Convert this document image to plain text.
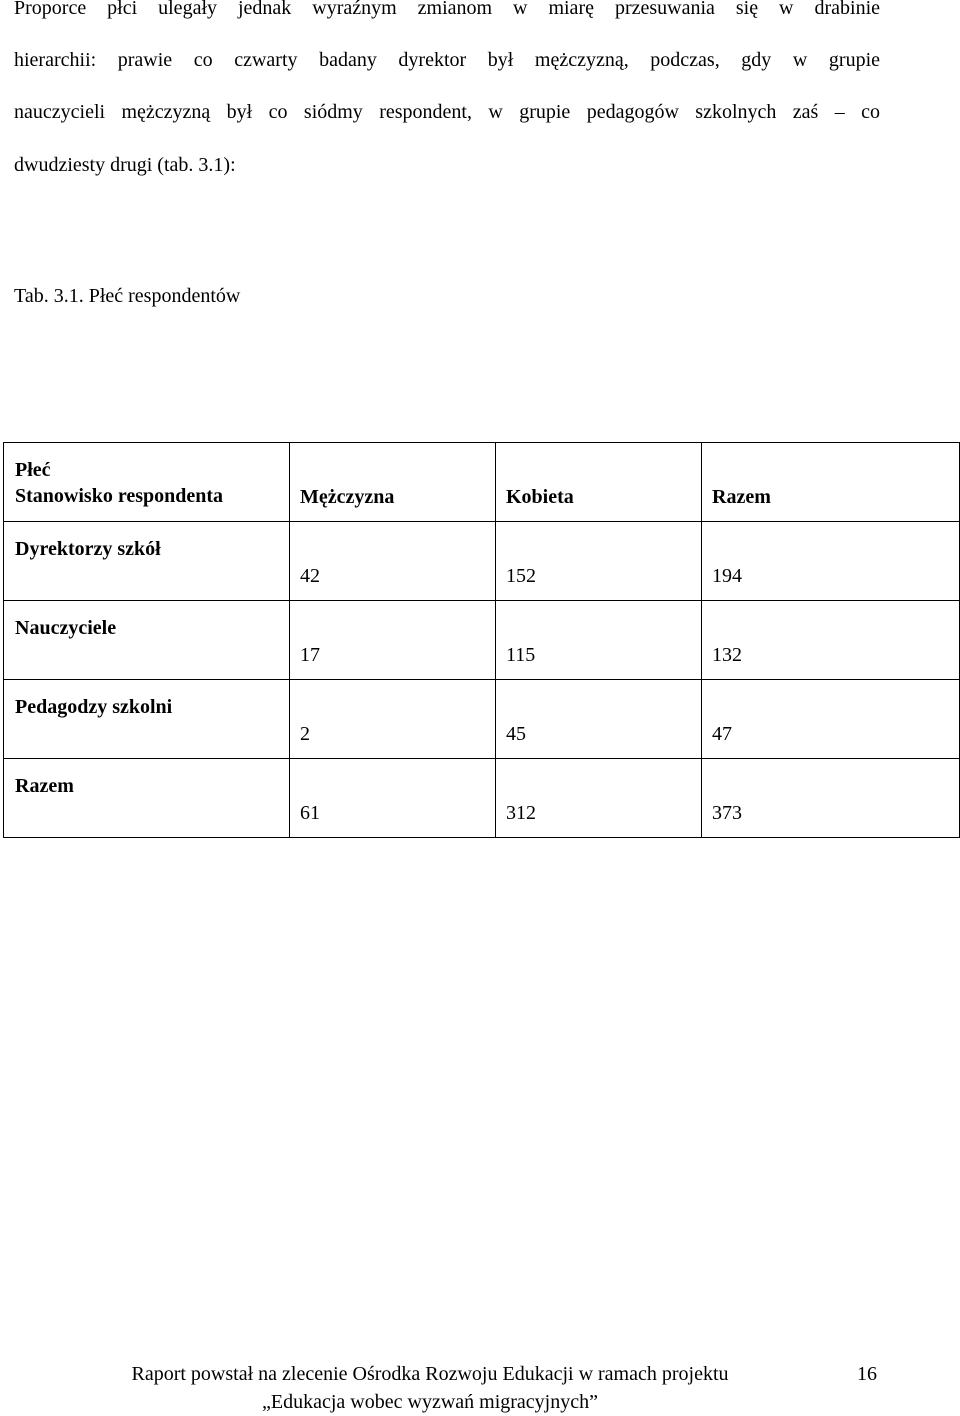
Proporce płci ulegały jednak wyraźnym zmianom w miarę przesuwania się w drabinie
hierarchii: prawie co czwarty badany dyrektor był mężczyzną, podczas, gdy w grupie
nauczycieli mężczyzną był co siódmy respondent, w grupie pedagogów szkolnych zaś – co
dwudziesty drugi (tab. 3.1):
Tab. 3.1. Płeć respondentów
Płeć
Stanowisko respondenta	Mężczyzna	Kobieta	Razem

Dyrektorzy szkół	42	152	194

Nauczyciele	17	115	132

Pedagodzy szkolni	2	45	47

Razem	61	312	373
Raport powstał na zlecenie Ośrodka Rozwoju Edukacji w ramach projektu
„Edukacja wobec wyzwań migracyjnych”
16
